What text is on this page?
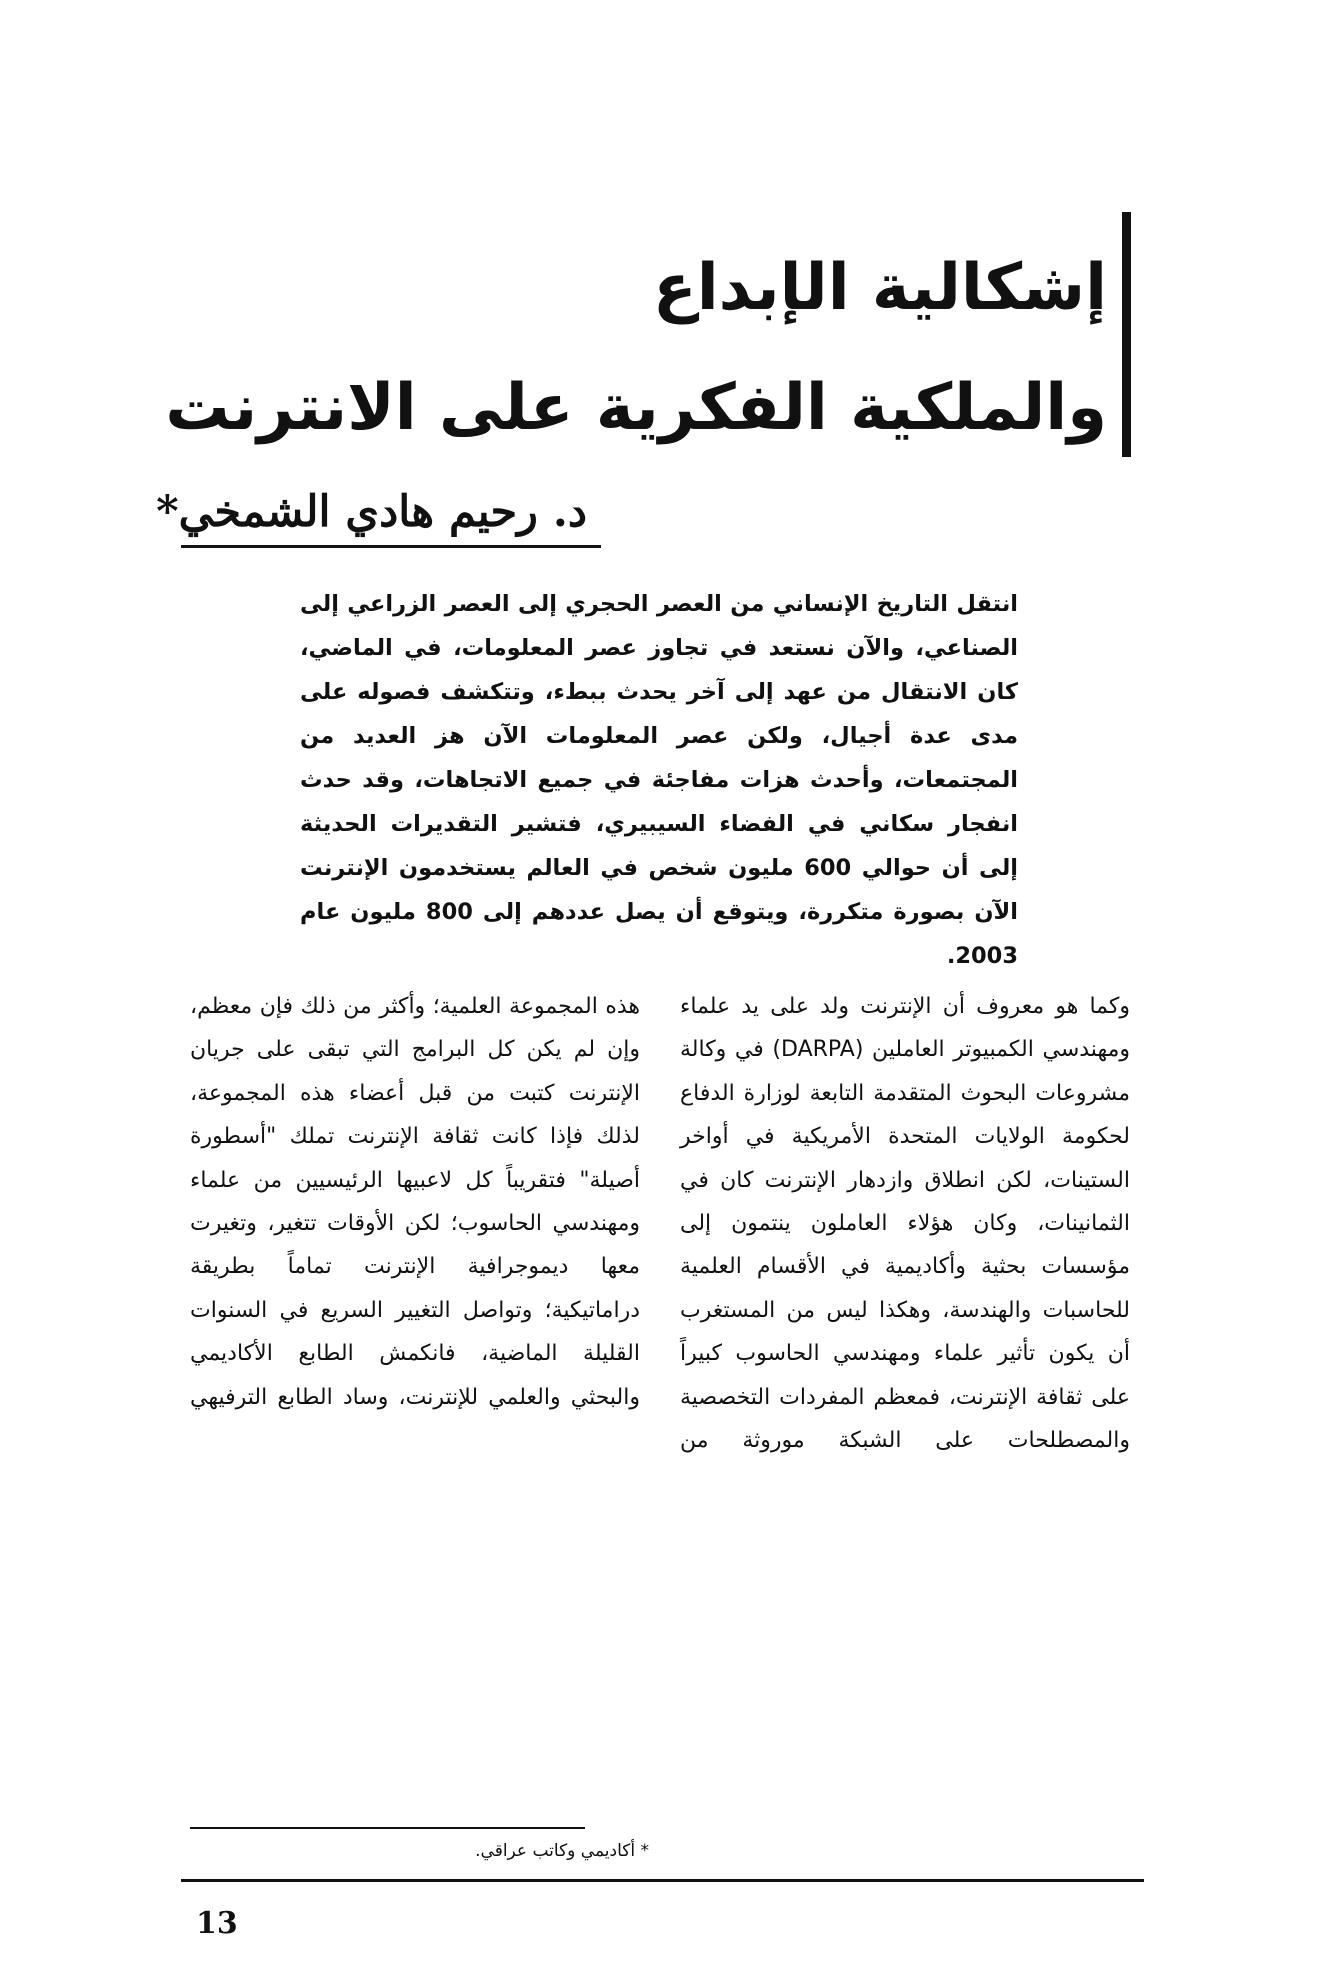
إشكالية الإبداع
والملكية الفكرية على الانترنت
د. رحيم هادي الشمخي*
انتقل التاريخ الإنساني من العصر الحجري إلى العصر الزراعي إلى الصناعي، والآن نستعد في تجاوز عصر المعلومات، في الماضي، كان الانتقال من عهد إلى آخر يحدث ببطء، وتتكشف فصوله على مدى عدة أجيال، ولكن عصر المعلومات الآن هز العديد من المجتمعات، وأحدث هزات مفاجئة في جميع الاتجاهات، وقد حدث انفجار سكاني في الفضاء السيبيري، فتشير التقديرات الحديثة إلى أن حوالي 600 مليون شخص في العالم يستخدمون الإنترنت الآن بصورة متكررة، ويتوقع أن يصل عددهم إلى 800 مليون عام 2003.

وكما هو معروف أن الإنترنت ولد على يد علماء ومهندسي الكمبيوتر العاملين (DARPA) في وكالة مشروعات البحوث المتقدمة التابعة لوزارة الدفاع لحكومة الولايات المتحدة الأمريكية في أواخر الستينات، لكن انطلاق وازدهار الإنترنت كان في الثمانينات، وكان هؤلاء العاملون ينتمون إلى مؤسسات بحثية وأكاديمية في الأقسام العلمية للحاسبات والهندسة، وهكذا ليس من المستغرب أن يكون تأثير علماء ومهندسي الحاسوب كبيراً على ثقافة الإنترنت، فمعظم المفردات التخصصية والمصطلحات على الشبكة موروثة من

هذه المجموعة العلمية؛ وأكثر من ذلك فإن معظم، وإن لم يكن كل البرامج التي تبقى على جريان الإنترنت كتبت من قبل أعضاء هذه المجموعة، لذلك فإذا كانت ثقافة الإنترنت تملك "أسطورة أصيلة" فتقريباً كل لاعبيها الرئيسيين من علماء ومهندسي الحاسوب؛ لكن الأوقات تتغير، وتغيرت معها ديموجرافية الإنترنت تماماً بطريقة دراماتيكية؛ وتواصل التغيير السريع في السنوات القليلة الماضية، فانكمش الطابع الأكاديمي والبحثي والعلمي للإنترنت، وساد الطابع الترفيهي

* أكاديمي وكاتب عراقي.
13
